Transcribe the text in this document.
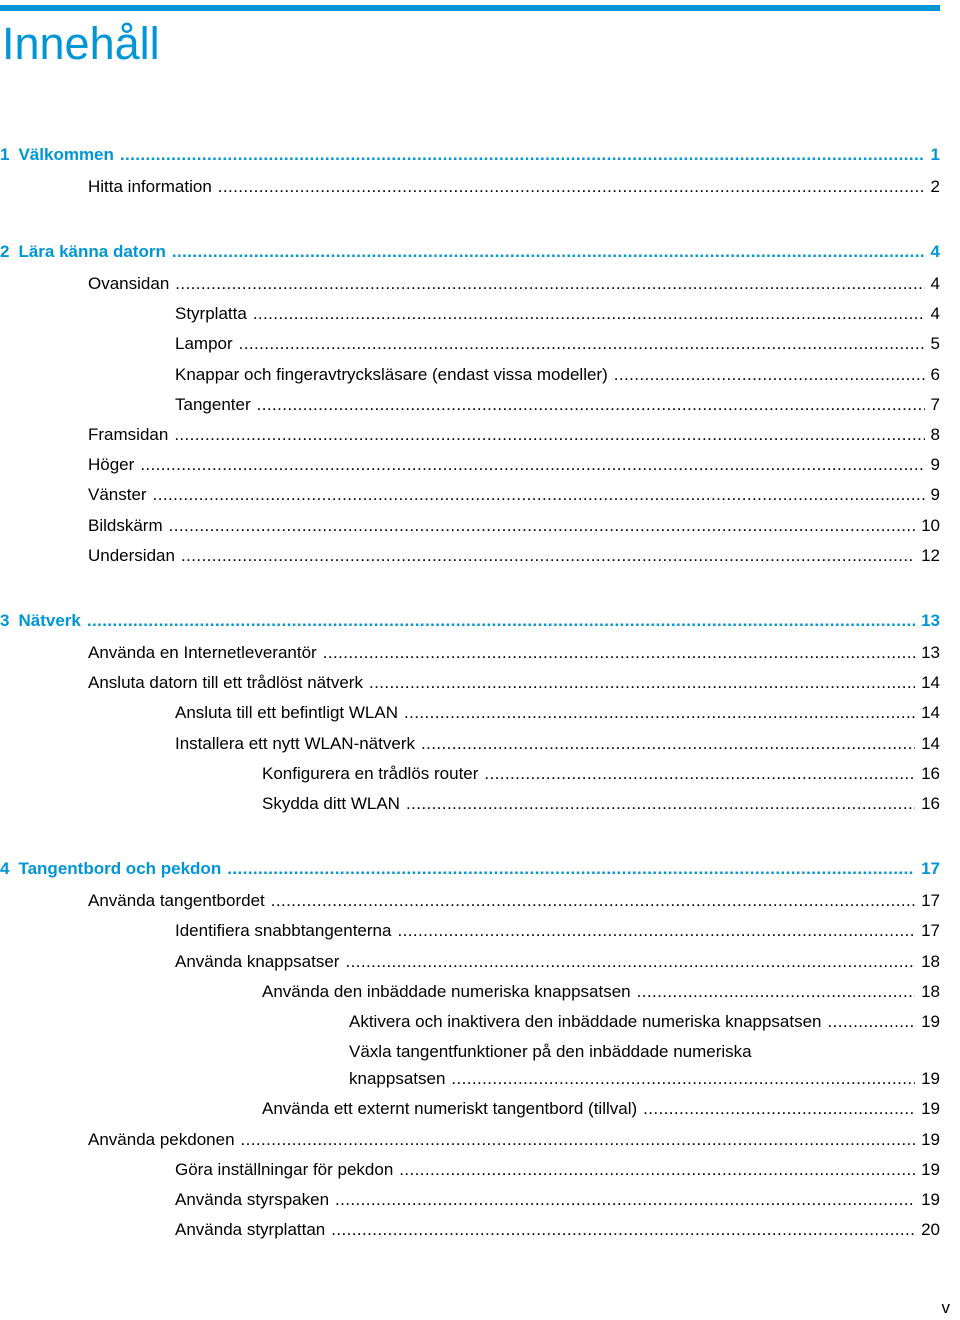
Innehåll
1 Välkommen .....	1
Hitta information .....	2
2 Lära känna datorn .....	4
Ovansidan .....	4
Styrplatta .....	4
Lampor .....	5
Knappar och fingeravtrycksläsare (endast vissa modeller) .....	6
Tangenter .....	7
Framsidan .....	8
Höger .....	9
Vänster .....	9
Bildskärm .....	10
Undersidan .....	12
3 Nätverk .....	13
Använda en Internetleverantör .....	13
Ansluta datorn till ett trådlöst nätverk .....	14
Ansluta till ett befintligt WLAN .....	14
Installera ett nytt WLAN-nätverk .....	14
Konfigurera en trådlös router .....	16
Skydda ditt WLAN .....	16
4 Tangentbord och pekdon .....	17
Använda tangentbordet .....	17
Identifiera snabbtangenterna .....	17
Använda knappsatser .....	18
Använda den inbäddade numeriska knappsatsen .....	18
Aktivera och inaktivera den inbäddade numeriska knappsatsen .....	19
Växla tangentfunktioner på den inbäddade numeriska
knappsatsen .....	19
Använda ett externt numeriskt tangentbord (tillval) .....	19
Använda pekdonen .....	19
Göra inställningar för pekdon .....	19
Använda styrspaken .....	19
Använda styrplattan .....	20
v
